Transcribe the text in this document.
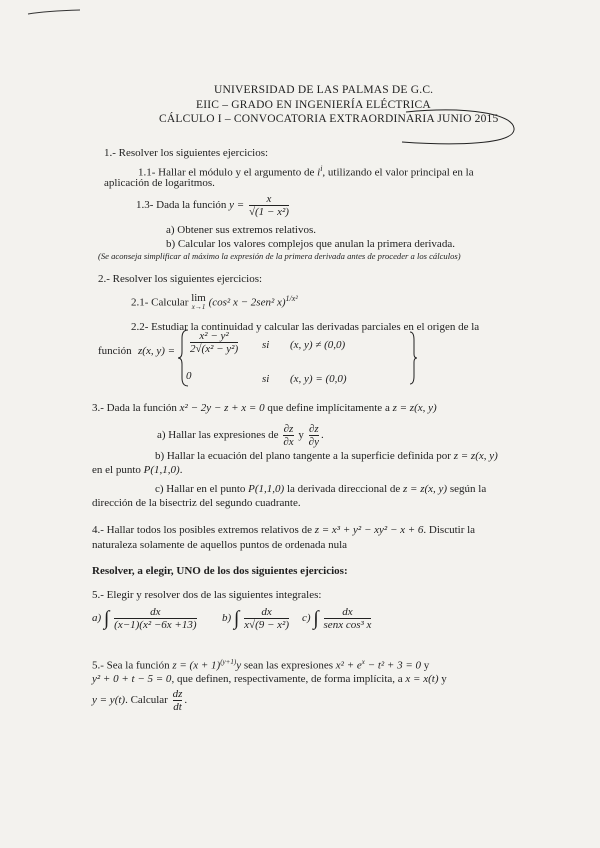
UNIVERSIDAD DE LAS PALMAS DE G.C.
EIIC – GRADO EN INGENIERÍA ELÉCTRICA
CÁLCULO I – CONVOCATORIA EXTRAORDINARIA JUNIO 2015
1.- Resolver los siguientes ejercicios:
1.1- Hallar el módulo y el argumento de $i^i$, utilizando el valor principal en la
aplicación de logaritmos.
1.3- Dada la función $y = \frac{x}{\text{√(1 − x²)}}$
a) Obtener sus extremos relativos.
b) Calcular los valores complejos que anulan la primera derivada.
(Se aconseja simplificar al máximo la expresión de la primera derivada antes de proceder a los cálculos)
2.- Resolver los siguientes ejercicios:
2.1- Calcular lim
x→1 (cos² x − 2sen² x)$^{1/x^2}$
2.2- Estudiar la continuidad y calcular las derivadas parciales en el origen de la
función z(x, $y) = \frac{\text{x² − y²}}{\text{2√(x² − y²)}}$ si (x, y) ≠ (0,0)
0	si (x, y) = (0,0)
3.- Dada la función x² − 2y − z + x = 0 que define implícitamente a z = z(x, y)
a) Hallar las expresiones de $\frac{\partial z}{\partial x}$ y $\frac{\partial z}{\partial y}$ .
b) Hallar la ecuación del plano tangente a la superficie definida por z = z(x, y)
en el punto P(1,1,0).
c) Hallar en el punto P(1,1,0) la derivada direccional de z = z(x, y) según la
dirección de la bisectriz del segundo cuadrante.
4.- Hallar todos los posibles extremos relativos de z = x³ + y² − xy² − x + 6. Discutir la
naturaleza solamente de aquellos puntos de ordenada nula
Resolver, a elegir, UNO de los dos siguientes ejercicios:
5.- Elegir y resolver dos de las siguientes integrales:
a) ∫ $\frac{dx}{\text{(x−1)(x² −6x +13)}} b$) ∫ $\frac{dx}{\text{x√(9 − x²)}} c$) ∫ $\frac{dx}{\text{senx cos³ x}}$
5.- Sea la función $z = (x + 1)^{(y+1)}y$ sean las expresiones $x^2 + e^x - t^2 + 3 = 0$ y
y² + 0 + t − 5 = 0, que definen, respectivamente, de forma implícita, a x = x(t) y
y = y(t). Calcular $\frac{dz}{dt}$ .
